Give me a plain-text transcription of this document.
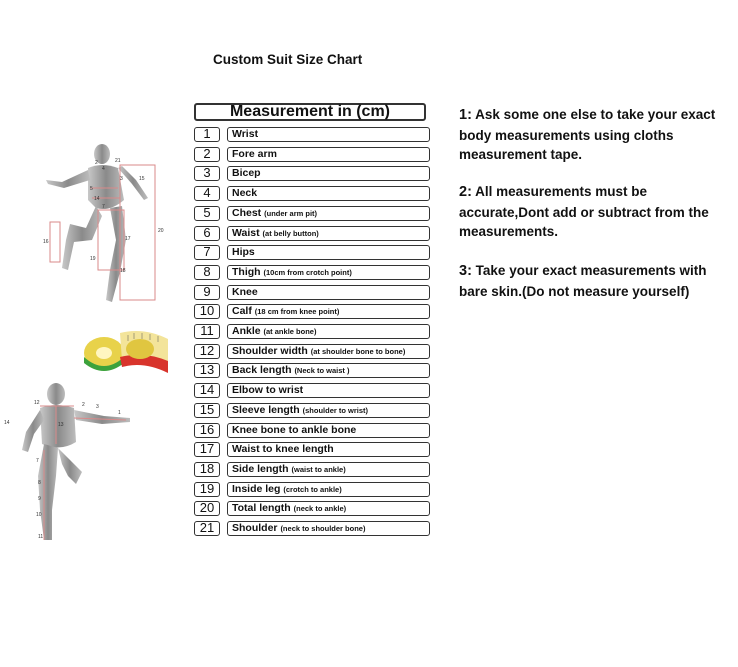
Custom Suit Size Chart
2	21
4
3
5
15
14
7
20
16	17
19
18
12	2 3
1
14	13
7
8
9
10
11
Measurement in (cm)
1	Wrist
2	Fore arm
3	Bicep
4	Neck
5	Chest (under arm pit)
6	Waist (at belly button)
7	Hips
8	Thigh (10cm from crotch point)
9	Knee
10	Calf (18 cm from knee point)
11	Ankle (at ankle bone)
12	Shoulder width (at shoulder bone to bone)
13	Back length (Neck to waist )
14	Elbow to wrist
15	Sleeve length (shoulder to wrist)
16	Knee bone to ankle bone
17	Waist to knee length
18	Side length (waist to ankle)
19	Inside leg (crotch to ankle)
20	Total length (neck to ankle)
21	Shoulder (neck to shoulder bone)
1: Ask some one else to take your exact body measurements using cloths measurement tape.
2: All measurements must be accurate,Dont add or subtract from the measurements.
3: Take your exact measurements with bare skin.(Do not measure yourself)
